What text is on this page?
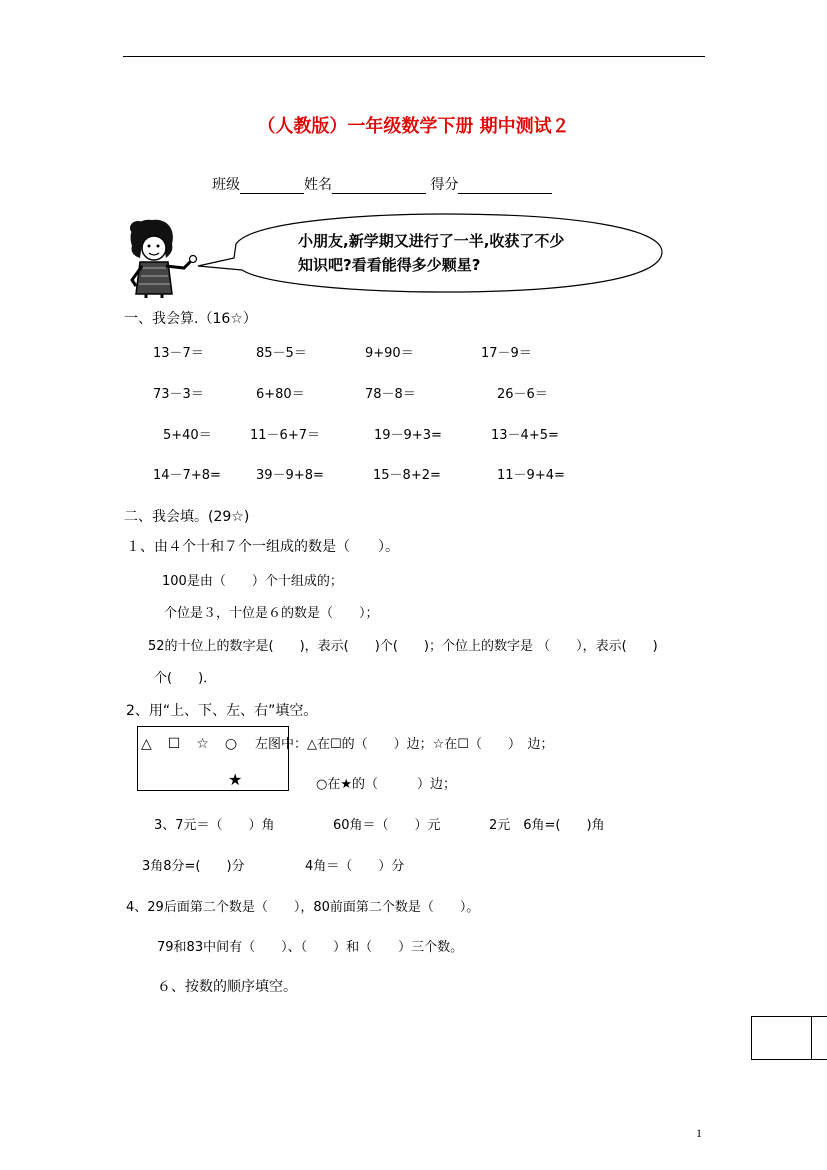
（人教版）一年级数学下册 期中测试２
班级	姓名	得分
小朋友,新学期又进行了一半,收获了不少
知识吧?看看能得多少颗星?
一、我会算.（16☆）
13－7＝	85－5＝	9+90＝	17－9＝
73－3＝	6+80＝	78－8＝	26－6＝
5+40＝	11－6+7＝	19－9+3=	13－4+5=
14－7+8=	39－9+8=	15－8+2=	11－9+4=
二、我会填。(29☆)
１、由４个十和７个一组成的数是（　　）。
100是由（　　）个十组成的；
个位是３，十位是６的数是（　　）；
52的十位上的数字是(　　)，表示(　　)个(　　)；个位上的数字是 （　　），表示(　　)
个(　　)．
2、用“上、下、左、右”填空。
△　☐　☆　○
★
左图中：△在☐的（　　）边；☆在☐（　　）　边；
○在★的（　　　）边；
3、7元＝（　　）角	60角＝（　　）元	2元　6角=(　　)角
3角8分=(　　)分	4角＝（　　）分
4、29后面第二个数是（　　），80前面第二个数是（　　）。
79和83中间有（　　）、（　　）和（　　）三个数。
６、按数的顺序填空。
1
